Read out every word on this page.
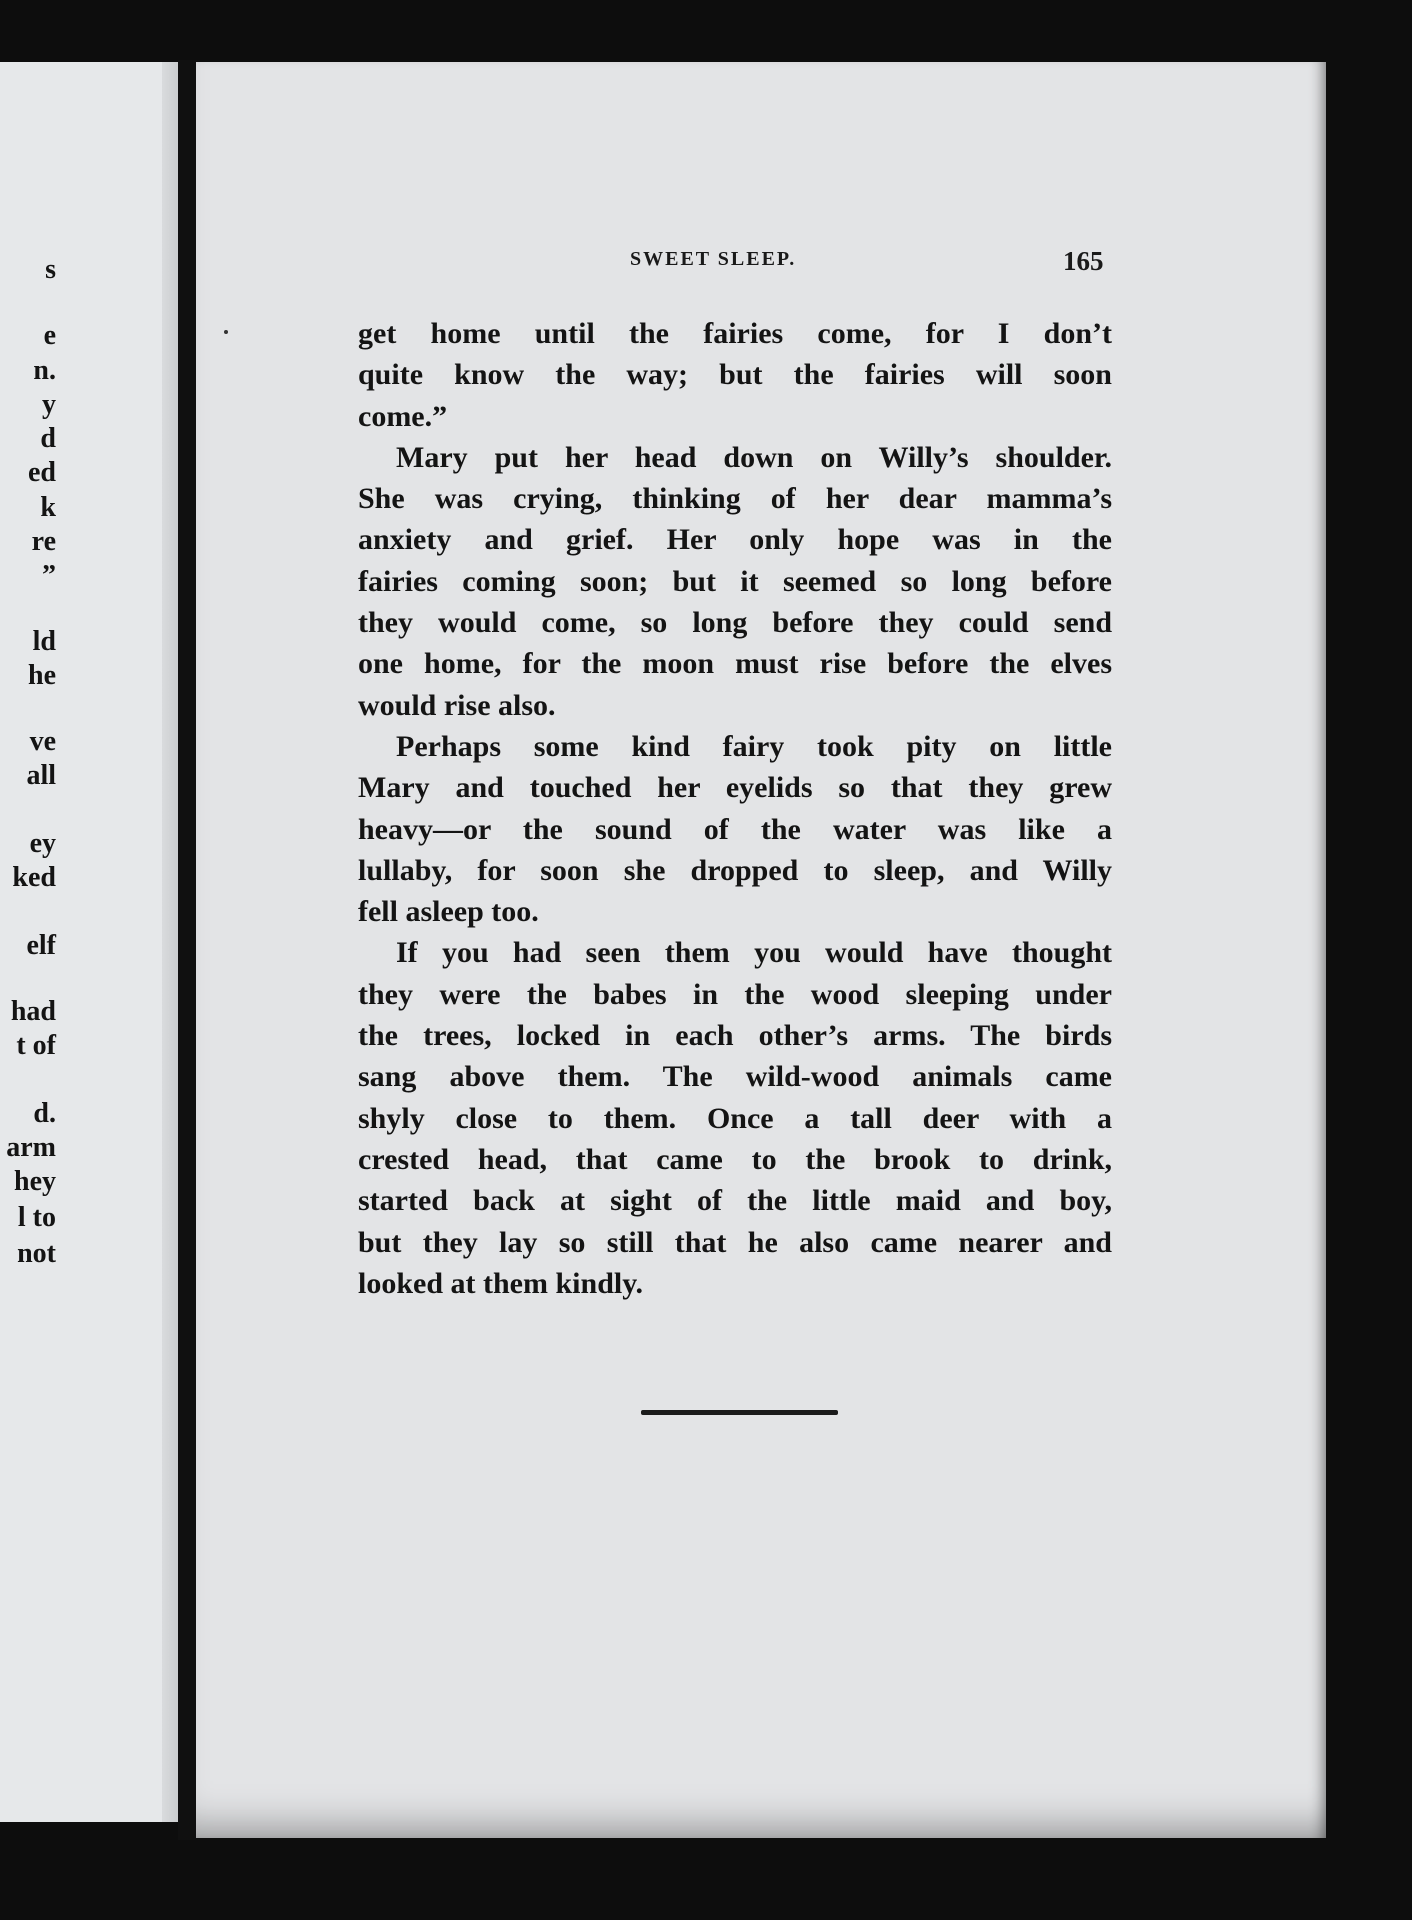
s
e
n.
y
d
ed
k
re
”
ld
he
ve
all
ey
ked
elf
had
t of
d.
arm
hey
l to
not
SWEET SLEEP.	165

get home until the fairies come, for I don’t
quite know the way; but the fairies will soon
come.”

Mary put her head down on Willy’s shoulder.
She was crying, thinking of her dear mamma’s
anxiety and grief. Her only hope was in the
fairies coming soon; but it seemed so long before
they would come, so long before they could send
one home, for the moon must rise before the elves
would rise also.

Perhaps some kind fairy took pity on little
Mary and touched her eyelids so that they grew
heavy—or the sound of the water was like a
lullaby, for soon she dropped to sleep, and Willy
fell asleep too.

If you had seen them you would have thought
they were the babes in the wood sleeping under
the trees, locked in each other’s arms. The birds
sang above them. The wild-wood animals came
shyly close to them. Once a tall deer with a
crested head, that came to the brook to drink,
started back at sight of the little maid and boy,
but they lay so still that he also came nearer and
looked at them kindly.
